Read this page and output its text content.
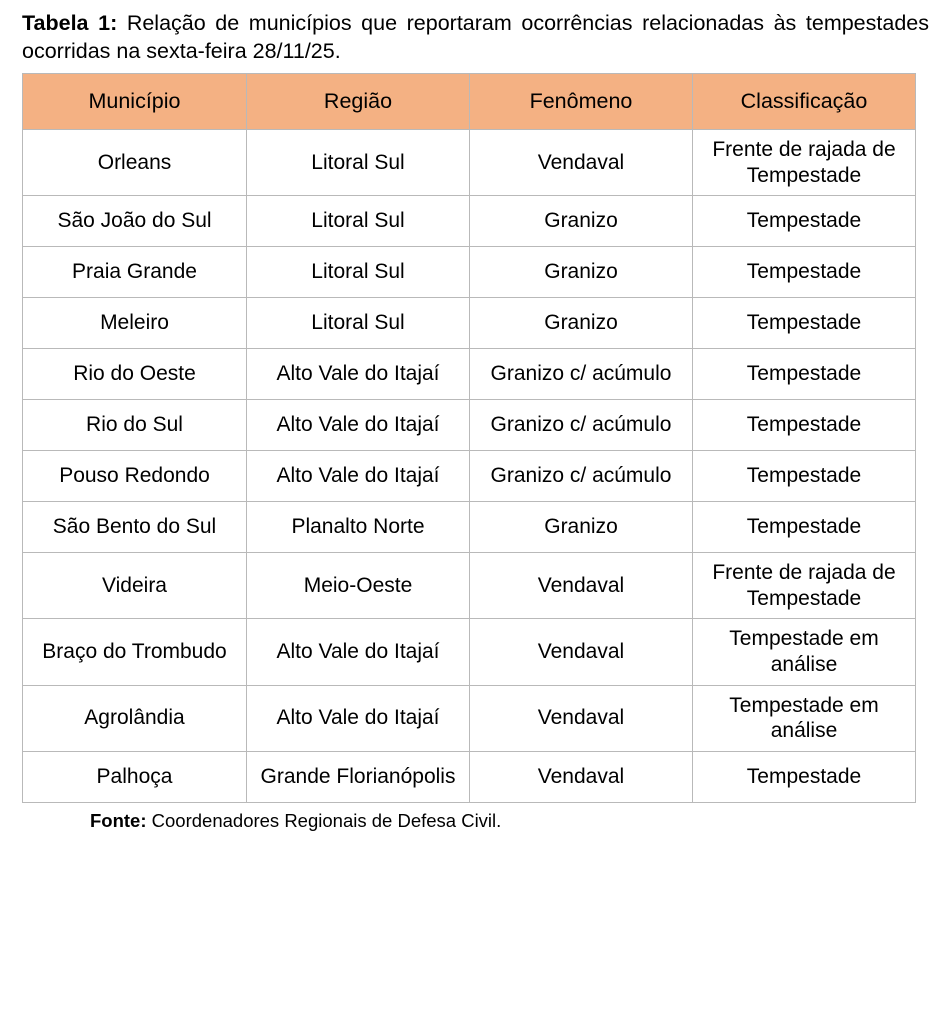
Tabela 1: Relação de municípios que reportaram ocorrências relacionadas às tempestades ocorridas na sexta-feira 28/11/25.

Município	Região	Fenômeno	Classificação
Orleans	Litoral Sul	Vendaval	Frente de rajada de Tempestade
São João do Sul	Litoral Sul	Granizo	Tempestade
Praia Grande	Litoral Sul	Granizo	Tempestade
Meleiro	Litoral Sul	Granizo	Tempestade
Rio do Oeste	Alto Vale do Itajaí	Granizo c/ acúmulo	Tempestade
Rio do Sul	Alto Vale do Itajaí	Granizo c/ acúmulo	Tempestade
Pouso Redondo	Alto Vale do Itajaí	Granizo c/ acúmulo	Tempestade
São Bento do Sul	Planalto Norte	Granizo	Tempestade
Videira	Meio-Oeste	Vendaval	Frente de rajada de Tempestade
Braço do Trombudo	Alto Vale do Itajaí	Vendaval	Tempestade em análise
Agrolândia	Alto Vale do Itajaí	Vendaval	Tempestade em análise
Palhoça	Grande Florianópolis	Vendaval	Tempestade

Fonte: Coordenadores Regionais de Defesa Civil.
